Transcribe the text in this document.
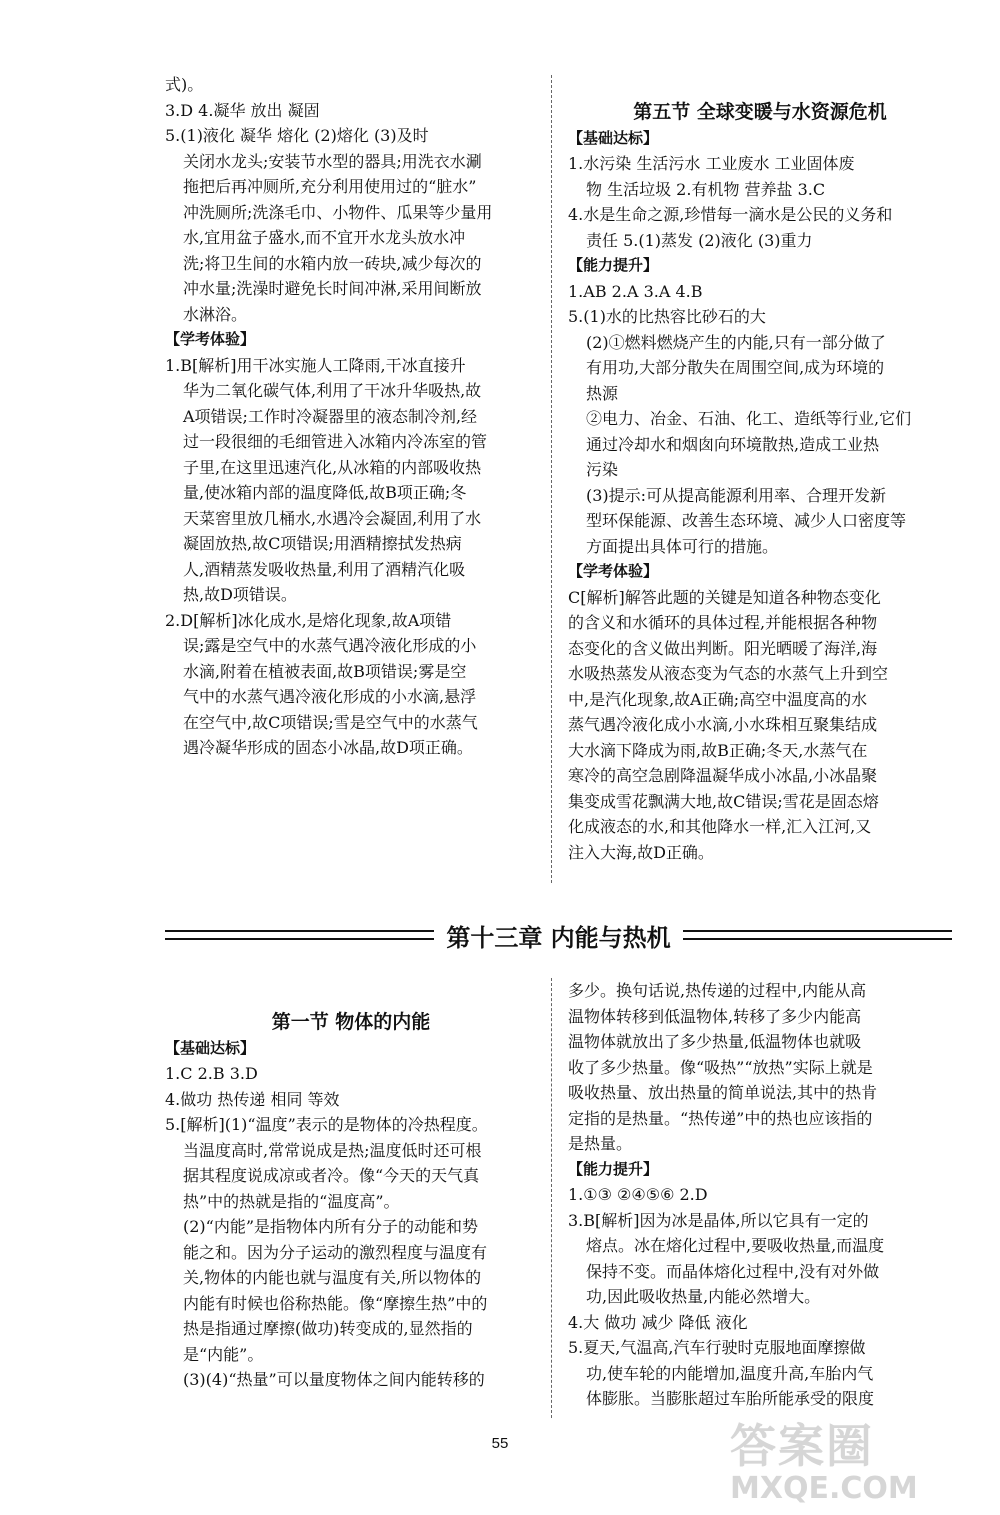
式)。

3.D 4.凝华 放出 凝固

5.(1)液化 凝华 熔化 (2)熔化 (3)及时

关闭水龙头;安装节水型的器具;用洗衣水涮

拖把后再冲厕所,充分利用使用过的“脏水”

冲洗厕所;洗涤毛巾、小物件、瓜果等少量用

水,宜用盆子盛水,而不宜开水龙头放水冲

洗;将卫生间的水箱内放一砖块,减少每次的

冲水量;洗澡时避免长时间冲淋,采用间断放

水淋浴。

【学考体验】

1.B[解析]用干冰实施人工降雨,干冰直接升

华为二氧化碳气体,利用了干冰升华吸热,故

A项错误;工作时冷凝器里的液态制冷剂,经

过一段很细的毛细管进入冰箱内冷冻室的管

子里,在这里迅速汽化,从冰箱的内部吸收热

量,使冰箱内部的温度降低,故B项正确;冬

天菜窖里放几桶水,水遇冷会凝固,利用了水

凝固放热,故C项错误;用酒精擦拭发热病

人,酒精蒸发吸收热量,利用了酒精汽化吸

热,故D项错误。

2.D[解析]冰化成水,是熔化现象,故A项错

误;露是空气中的水蒸气遇冷液化形成的小

水滴,附着在植被表面,故B项错误;雾是空

气中的水蒸气遇冷液化形成的小水滴,悬浮

在空气中,故C项错误;雪是空气中的水蒸气

遇冷凝华形成的固态小冰晶,故D项正确。

第五节 全球变暖与水资源危机

【基础达标】

1.水污染 生活污水 工业废水 工业固体废

物 生活垃圾 2.有机物 营养盐 3.C

4.水是生命之源,珍惜每一滴水是公民的义务和

责任 5.(1)蒸发 (2)液化 (3)重力

【能力提升】

1.AB 2.A 3.A 4.B

5.(1)水的比热容比砂石的大

(2)①燃料燃烧产生的内能,只有一部分做了

有用功,大部分散失在周围空间,成为环境的

热源

②电力、冶金、石油、化工、造纸等行业,它们

通过冷却水和烟囱向环境散热,造成工业热

污染

(3)提示:可从提高能源利用率、合理开发新

型环保能源、改善生态环境、减少人口密度等

方面提出具体可行的措施。

【学考体验】

C[解析]解答此题的关键是知道各种物态变化

的含义和水循环的具体过程,并能根据各种物

态变化的含义做出判断。阳光晒暖了海洋,海

水吸热蒸发从液态变为气态的水蒸气上升到空

中,是汽化现象,故A正确;高空中温度高的水

蒸气遇冷液化成小水滴,小水珠相互聚集结成

大水滴下降成为雨,故B正确;冬天,水蒸气在

寒冷的高空急剧降温凝华成小冰晶,小冰晶聚

集变成雪花飘满大地,故C错误;雪花是固态熔

化成液态的水,和其他降水一样,汇入江河,又

注入大海,故D正确。

第十三章 内能与热机

第一节 物体的内能

【基础达标】

1.C 2.B 3.D

4.做功 热传递 相同 等效

5.[解析](1)“温度”表示的是物体的冷热程度。

当温度高时,常常说成是热;温度低时还可根

据其程度说成凉或者冷。像“今天的天气真

热”中的热就是指的“温度高”。

(2)“内能”是指物体内所有分子的动能和势

能之和。因为分子运动的激烈程度与温度有

关,物体的内能也就与温度有关,所以物体的

内能有时候也俗称热能。像“摩擦生热”中的

热是指通过摩擦(做功)转变成的,显然指的

是“内能”。

(3)(4)“热量”可以量度物体之间内能转移的

多少。换句话说,热传递的过程中,内能从高

温物体转移到低温物体,转移了多少内能高

温物体就放出了多少热量,低温物体也就吸

收了多少热量。像“吸热”“放热”实际上就是

吸收热量、放出热量的简单说法,其中的热肯

定指的是热量。“热传递”中的热也应该指的

是热量。

【能力提升】

1.①③ ②④⑤⑥ 2.D

3.B[解析]因为冰是晶体,所以它具有一定的

熔点。冰在熔化过程中,要吸收热量,而温度

保持不变。而晶体熔化过程中,没有对外做

功,因此吸收热量,内能必然增大。

4.大 做功 减少 降低 液化

5.夏天,气温高,汽车行驶时克服地面摩擦做

功,使车轮的内能增加,温度升高,车胎内气

体膨胀。当膨胀超过车胎所能承受的限度

55	答案圈
MXQE.COM
